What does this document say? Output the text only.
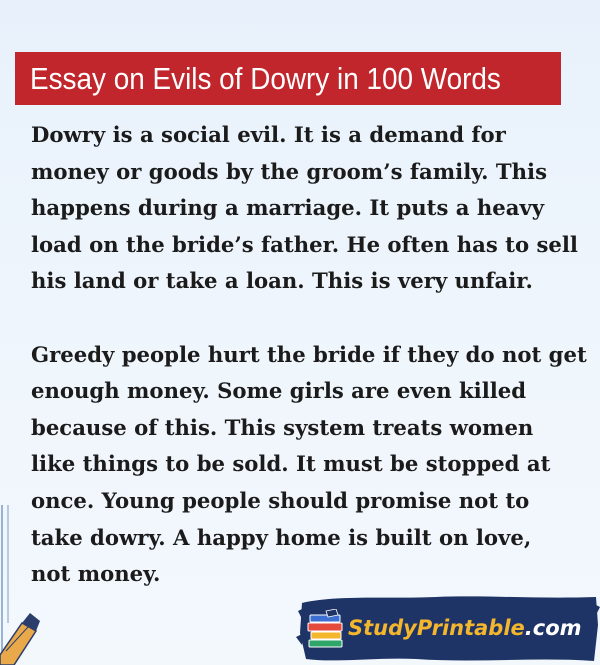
Essay on Evils of Dowry in 100 Words

Dowry is a social evil. It is a demand for
money or goods by the groom’s family. This
happens during a marriage. It puts a heavy
load on the bride’s father. He often has to sell
his land or take a loan. This is very unfair.

Greedy people hurt the bride if they do not get
enough money. Some girls are even killed
because of this. This system treats women
like things to be sold. It must be stopped at
once. Young people should promise not to
take dowry. A happy home is built on love,
not money.

StudyPrintable.com
